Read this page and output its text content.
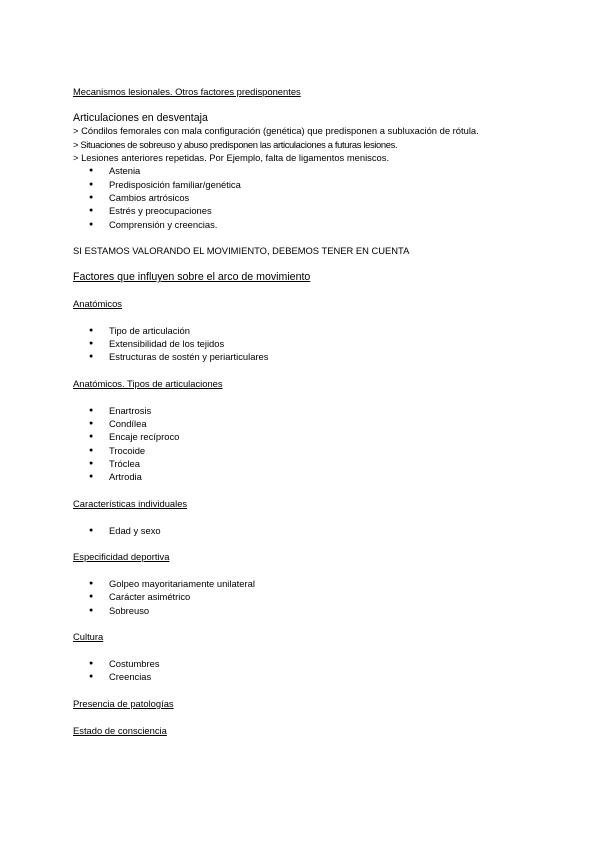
Mecanismos lesionales. Otros factores predisponentes
Articulaciones en desventaja
> Cóndilos femorales con mala configuración (genética) que predisponen a subluxación de rótula.
> Situaciones de sobreuso y abuso predisponen las articulaciones a futuras lesiones.
> Lesiones anteriores repetidas. Por Ejemplo, falta de ligamentos meniscos.
● Astenia
● Predisposición familiar/genética
● Cambios artrósicos
● Estrés y preocupaciones
● Comprensión y creencias.
SI ESTAMOS VALORANDO EL MOVIMIENTO, DEBEMOS TENER EN CUENTA
Factores que influyen sobre el arco de movimiento
Anatómicos
● Tipo de articulación
● Extensibilidad de los tejidos
● Estructuras de sostén y periarticulares
Anatómicos. Tipos de articulaciones
● Enartrosis
● Condílea
● Encaje recíproco
● Trocoide
● Tróclea
● Artrodia
Características individuales
● Edad y sexo
Especificidad deportiva
● Golpeo mayoritariamente unilateral
● Carácter asimétrico
● Sobreuso
Cultura
● Costumbres
● Creencias
Presencia de patologías
Estado de consciencia
